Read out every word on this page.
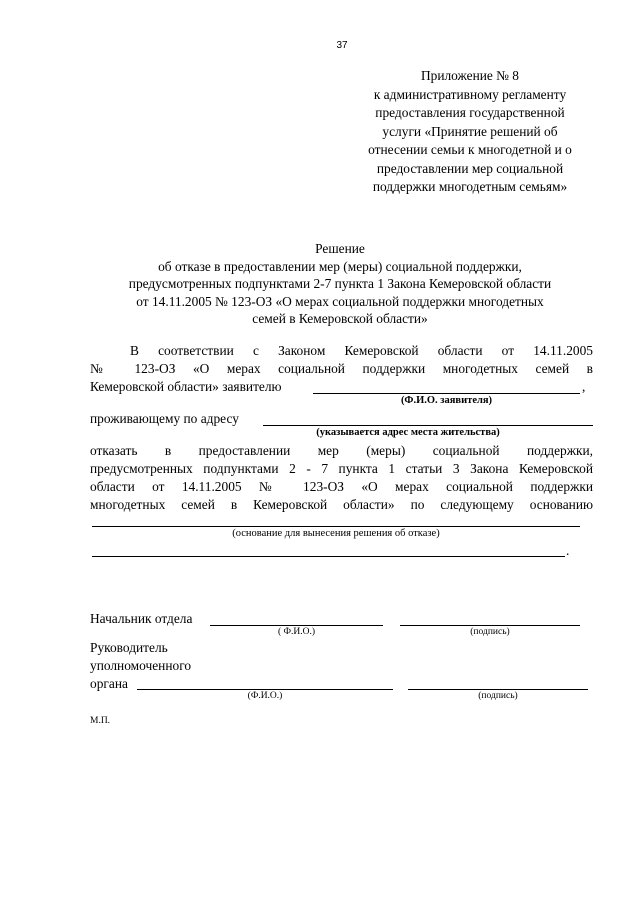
37
Приложение № 8
к административному регламенту
предоставления государственной
услуги «Принятие решений об
отнесении семьи к многодетной и о
предоставлении мер социальной
поддержки многодетным семьям»
Решение
об отказе в предоставлении мер (меры) социальной поддержки,
предусмотренных подпунктами 2-7 пункта 1 Закона Кемеровской области
от 14.11.2005 № 123-ОЗ «О мерах социальной поддержки многодетных
семей в Кемеровской области»
В соответствии с Законом Кемеровской области от 14.11.2005
№ 123-ОЗ «О мерах социальной поддержки многодетных семей в
Кемеровской области» заявителю	,
(Ф.И.О. заявителя)
проживающему по адресу
(указывается адрес места жительства)
отказать в предоставлении мер (меры) социальной поддержки,
предусмотренных подпунктами 2 - 7 пункта 1 статьи 3 Закона Кемеровской
области от 14.11.2005 № 123-ОЗ «О мерах социальной поддержки
многодетных семей в Кемеровской области» по следующему основанию
(основание для вынесения решения об отказе)
.
Начальник отдела
( Ф.И.О.)	(подпись)
Руководитель
уполномоченного
органа
(Ф.И.О.)	(подпись)
М.П.
